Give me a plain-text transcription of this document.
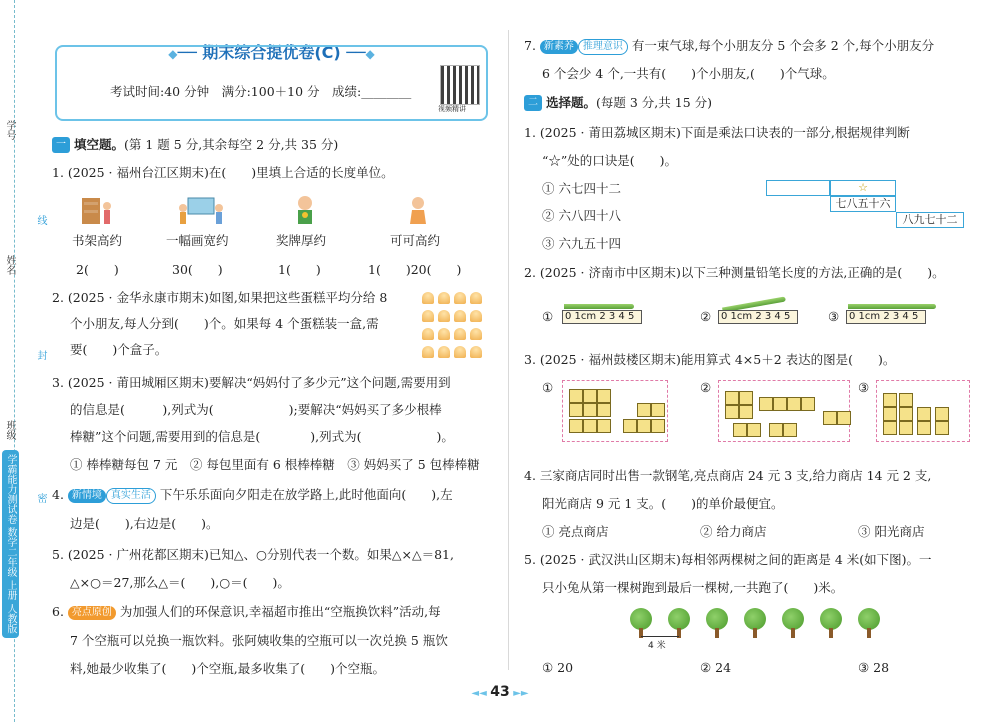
学号
姓名
班级
线
封
密
学霸能力测试卷 数学二年级 上册 人教版
◆── 期末综合提优卷(C) ──◆
考试时间:40 分钟　满分:100＋10 分　成绩:________
视频精讲
一 填空题。(第 1 题 5 分,其余每空 2 分,共 35 分)
1. (2025 · 福州台江区期末)在(　　)里填上合适的长度单位。
书架高约	一幅画宽约	奖牌厚约	可可高约
2(　　)	30(　　)	1(　　)	1(　　)20(　　)
2. (2025 · 金华永康市期末)如图,如果把这些蛋糕平均分给 8
个小朋友,每人分到(　　)个。如果每 4 个蛋糕装一盒,需
要(　　)个盒子。
3. (2025 · 莆田城厢区期末)要解决“妈妈付了多少元”这个问题,需要用到
的信息是(　　　),列式为(　　　　　　);要解决“妈妈买了多少根棒
棒糖”这个问题,需要用到的信息是(　　　　),列式为(　　　　　　)。
① 棒棒糖每包 7 元　② 每包里面有 6 根棒棒糖　③ 妈妈买了 5 包棒棒糖
4. 新情境 真实生活 下午乐乐面向夕阳走在放学路上,此时他面向(　　),左
边是(　　),右边是(　　)。
5. (2025 · 广州花都区期末)已知△、○分别代表一个数。如果△×△＝81,
△×○＝27,那么△＝(　　),○＝(　　)。
6. 亮点原创 为加强人们的环保意识,幸福超市推出“空瓶换饮料”活动,每
7 个空瓶可以兑换一瓶饮料。张阿姨收集的空瓶可以一次兑换 5 瓶饮
料,她最少收集了(　　)个空瓶,最多收集了(　　)个空瓶。
7. 新素养 推理意识 有一束气球,每个小朋友分 5 个会多 2 个,每个小朋友分
6 个会少 4 个,一共有(　　)个小朋友,(　　)个气球。
二 选择题。(每题 3 分,共 15 分)
1. (2025 · 莆田荔城区期末)下面是乘法口诀表的一部分,根据规律判断
“☆”处的口诀是(　　)。
① 六七四十二
② 六八四十八
③ 六九五十四
☆
七八五十六
八九七十二
2. (2025 · 济南市中区期末)以下三种测量铅笔长度的方法,正确的是(　　)。
①	0 1cm 2 3 4 5	② 0 1cm 2 3 4 5	③ 0 1cm 2 3 4 5
3. (2025 · 福州鼓楼区期末)能用算式 4×5＋2 表达的图是(　　)。
①	②	③
4. 三家商店同时出售一款钢笔,亮点商店 24 元 3 支,给力商店 14 元 2 支,
阳光商店 9 元 1 支。(　　)的单价最便宜。
① 亮点商店	② 给力商店	③ 阳光商店
5. (2025 · 武汉洪山区期末)每相邻两棵树之间的距离是 4 米(如下图)。一
只小兔从第一棵树跑到最后一棵树,一共跑了(　　)米。
4 米
① 20	② 24	③ 28
◄◄ 43 ►►
